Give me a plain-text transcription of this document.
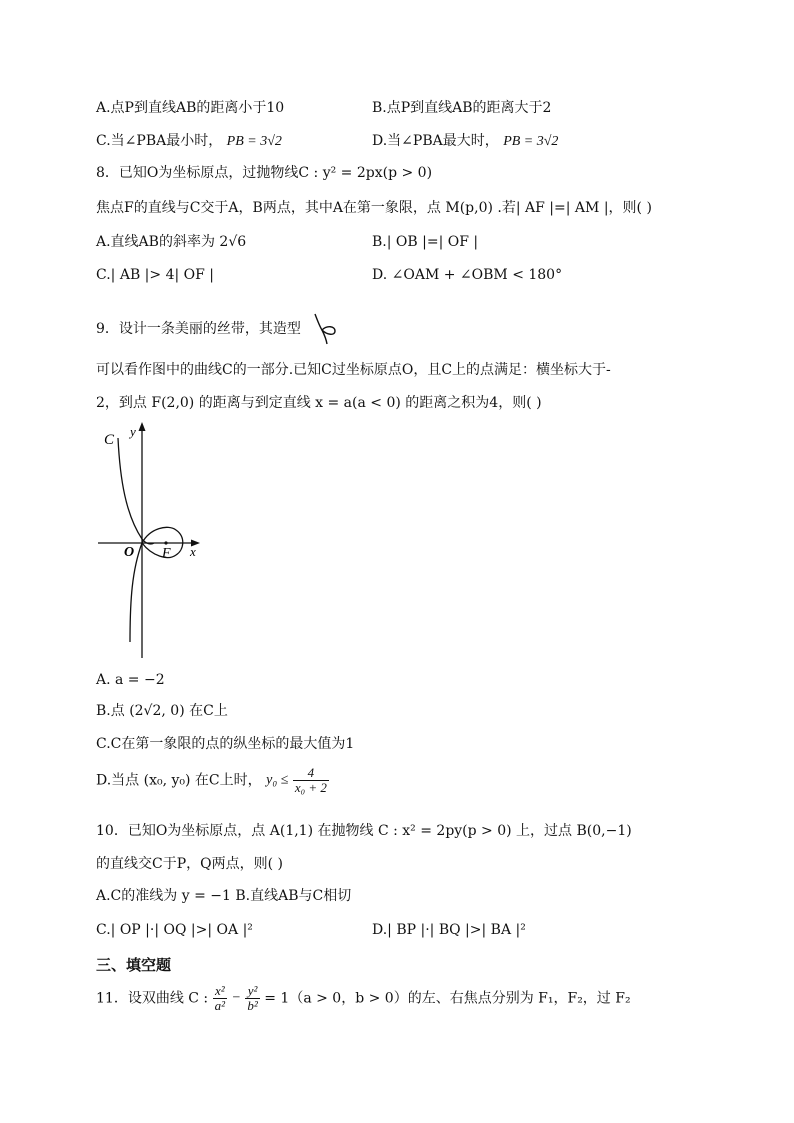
A.点P到直线AB的距离小于10	B.点P到直线AB的距离大于2
C.当∠PBA最小时， PB = 3√2	D.当∠PBA最大时， PB = 3√2
8．已知O为坐标原点，过抛物线C : y² = 2px(p > 0)
焦点F的直线与C交于A，B两点，其中A在第一象限，点 M(p,0) .若| AF |=| AM |，则( )
A.直线AB的斜率为 2√6	B.| OB |=| OF |
C.| AB |> 4| OF |	D. ∠OAM + ∠OBM < 180°
9．设计一条美丽的丝带，其造型
可以看作图中的曲线C的一部分.已知C过坐标原点O，且C上的点满足：横坐标大于-
2，到点 F(2,0) 的距离与到定直线 x = a(a < 0) 的距离之积为4，则( )
C
y
x
O F
A. a = −2
B.点 (2√2, 0) 在C上
C.C在第一象限的点的纵坐标的最大值为1
D.当点 (x₀, y₀) 在C上时， $y_0 \le \frac{4}{\text{x₀ + 2}}$
10．已知O为坐标原点，点 A(1,1) 在抛物线 C : x² = 2py(p > 0) 上，过点 B(0,−1)
的直线交C于P，Q两点，则( )
A.C的准线为 y = −1 B.直线AB与C相切
C.| OP |·| OQ |>| OA |²	D.| BP |·| BQ |>| BA |²
三、填空题
11．设双曲线 C : $\frac{\text{x²}}{\text{a²}} - \frac{\text{y²}}{\text{b²}} = 1(a > 0$，b > 0）的左、右焦点分别为 F₁，F₂，过 F₂
